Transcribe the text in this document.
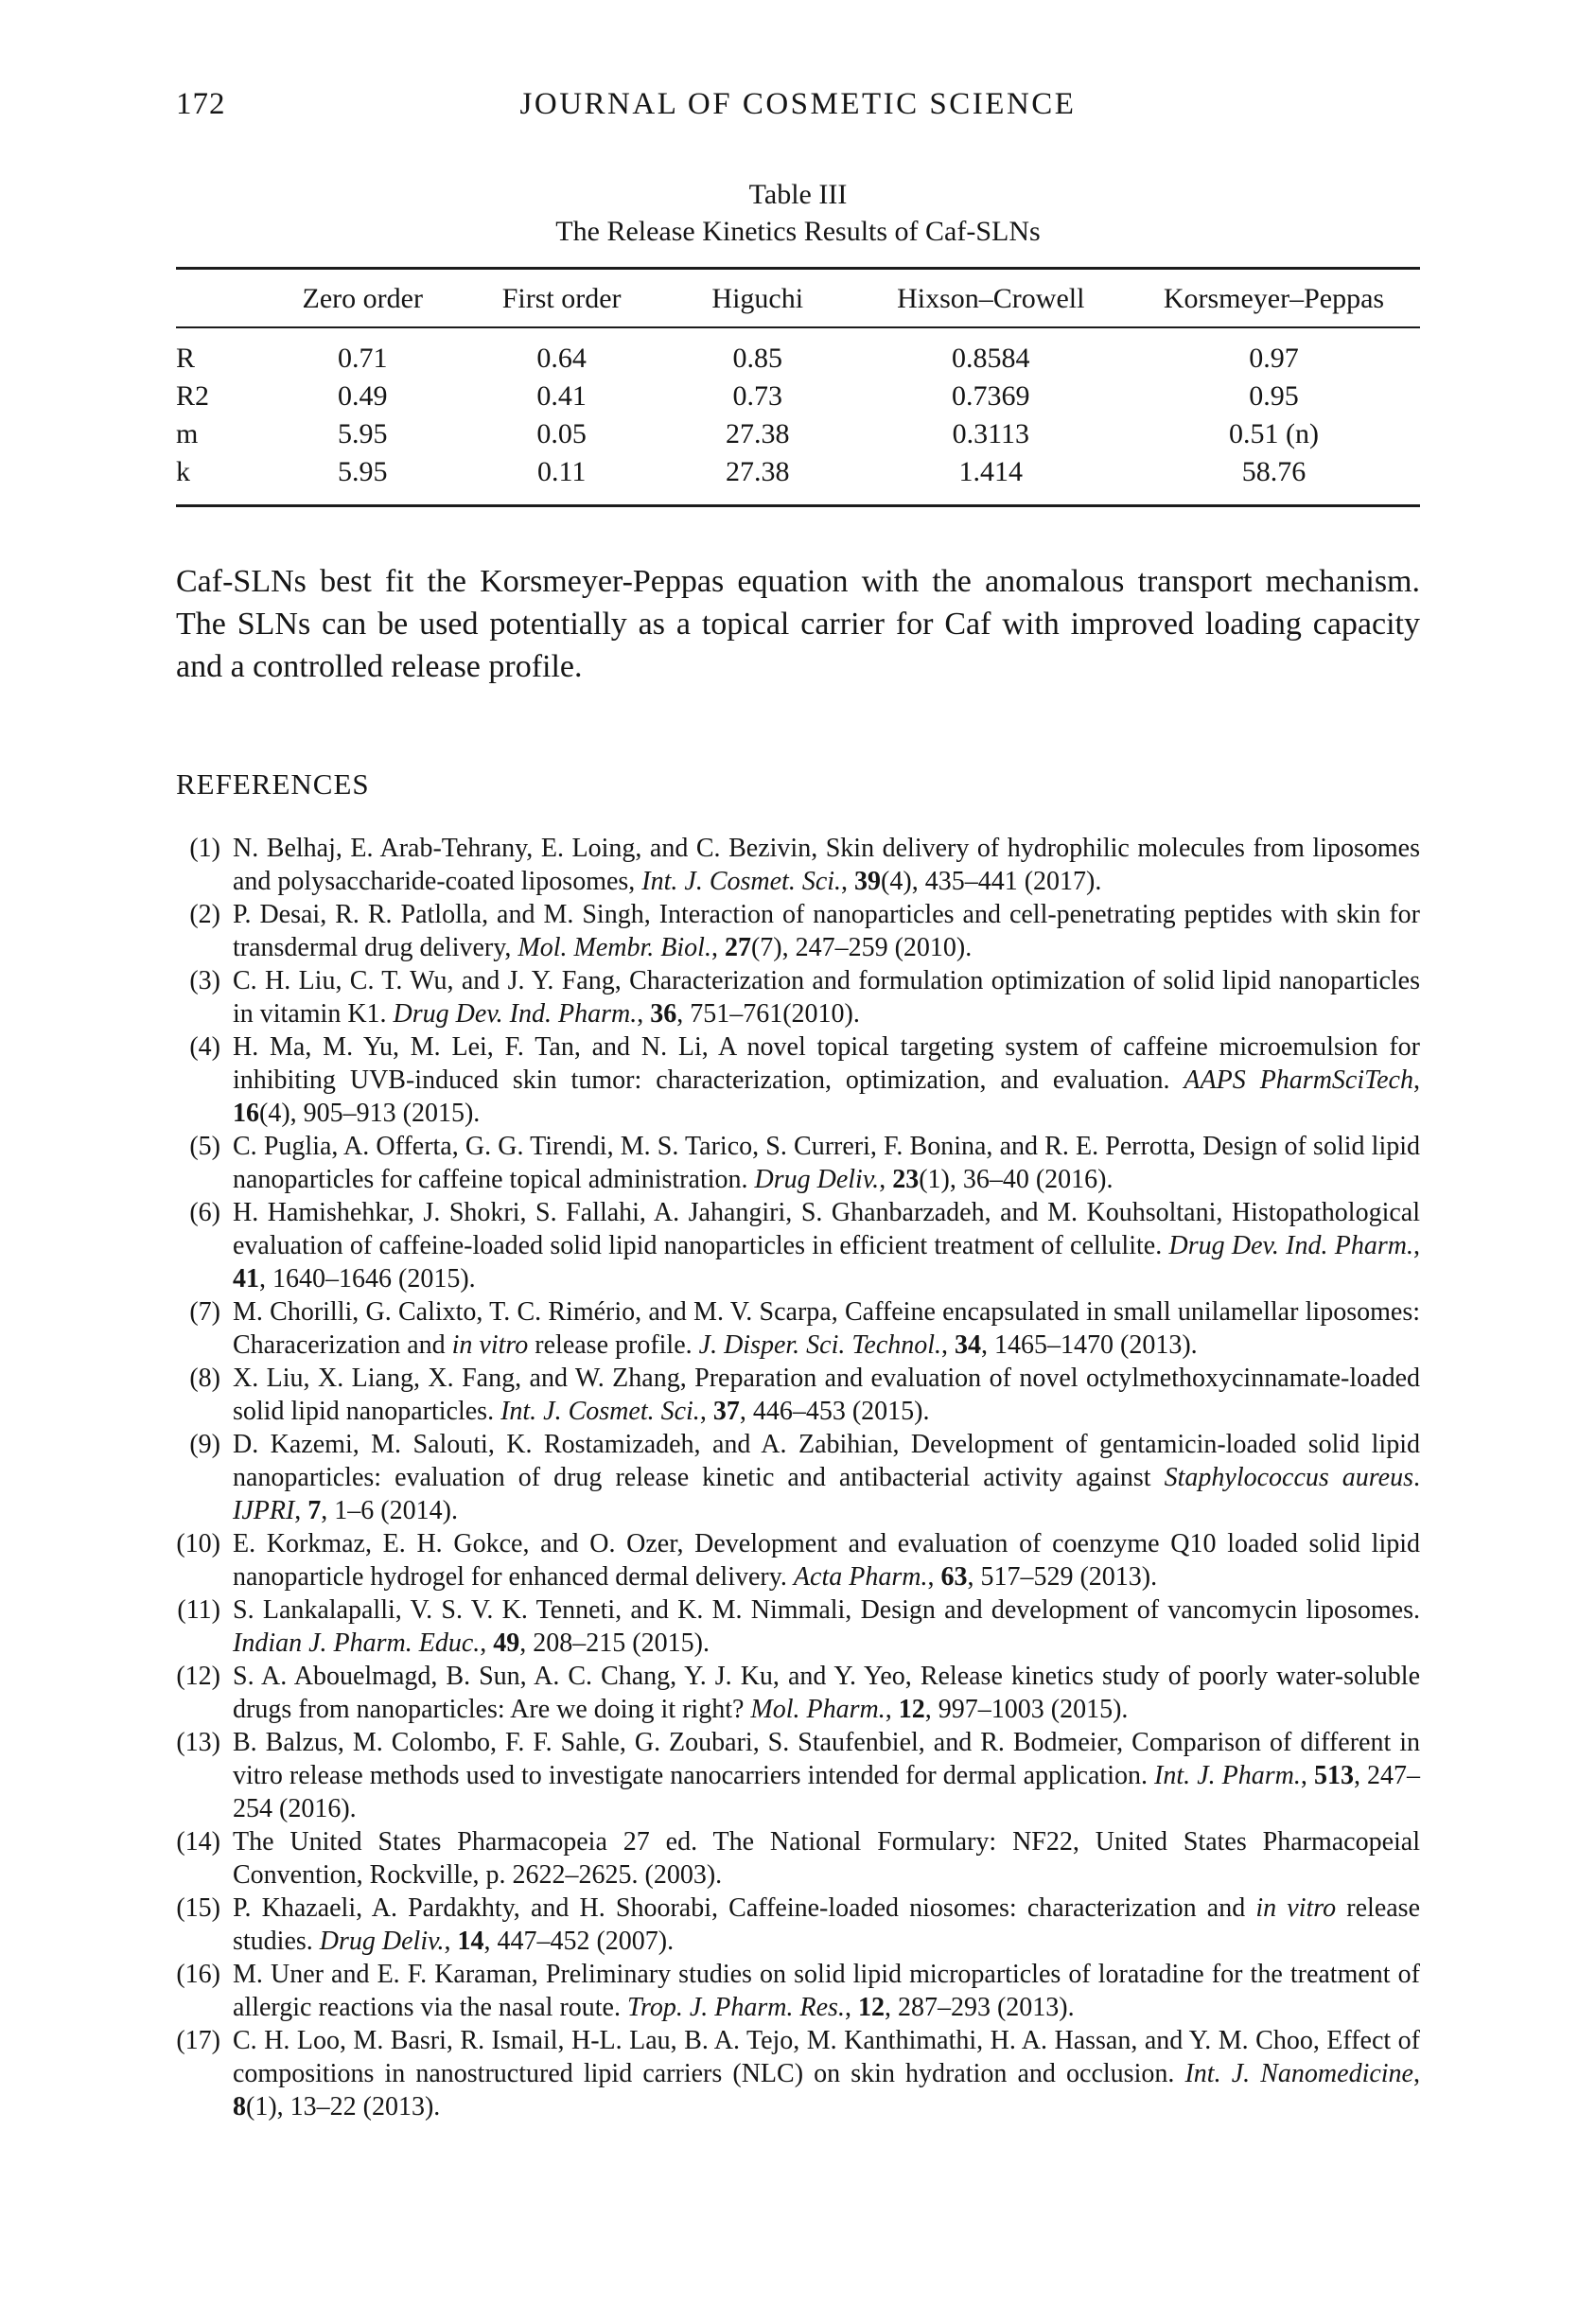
172	JOURNAL OF COSMETIC SCIENCE
Table III
The Release Kinetics Results of Caf-SLNs
	Zero order	First order	Higuchi	Hixson–Crowell	Korsmeyer–Peppas
R	0.71	0.64	0.85	0.8584	0.97
R2	0.49	0.41	0.73	0.7369	0.95
m	5.95	0.05	27.38	0.3113	0.51 (n)
k	5.95	0.11	27.38	1.414	58.76

Caf-SLNs best fit the Korsmeyer-Peppas equation with the anomalous transport mechanism. The SLNs can be used potentially as a topical carrier for Caf with improved loading capacity and a controlled release profile.

REFERENCES
(1) N. Belhaj, E. Arab-Tehrany, E. Loing, and C. Bezivin, Skin delivery of hydrophilic molecules from liposomes and polysaccharide-coated liposomes, Int. J. Cosmet. Sci., 39(4), 435–441 (2017).
(2) P. Desai, R. R. Patlolla, and M. Singh, Interaction of nanoparticles and cell-penetrating peptides with skin for transdermal drug delivery, Mol. Membr. Biol., 27(7), 247–259 (2010).
(3) C. H. Liu, C. T. Wu, and J. Y. Fang, Characterization and formulation optimization of solid lipid nanoparticles in vitamin K1. Drug Dev. Ind. Pharm., 36, 751–761(2010).
(4) H. Ma, M. Yu, M. Lei, F. Tan, and N. Li, A novel topical targeting system of caffeine microemulsion for inhibiting UVB-induced skin tumor: characterization, optimization, and evaluation. AAPS PharmSciTech, 16(4), 905–913 (2015).
(5) C. Puglia, A. Offerta, G. G. Tirendi, M. S. Tarico, S. Curreri, F. Bonina, and R. E. Perrotta, Design of solid lipid nanoparticles for caffeine topical administration. Drug Deliv., 23(1), 36–40 (2016).
(6) H. Hamishehkar, J. Shokri, S. Fallahi, A. Jahangiri, S. Ghanbarzadeh, and M. Kouhsoltani, Histopathological evaluation of caffeine-loaded solid lipid nanoparticles in efficient treatment of cellulite. Drug Dev. Ind. Pharm., 41, 1640–1646 (2015).
(7) M. Chorilli, G. Calixto, T. C. Rimério, and M. V. Scarpa, Caffeine encapsulated in small unilamellar liposomes: Characerization and in vitro release profile. J. Disper. Sci. Technol., 34, 1465–1470 (2013).
(8) X. Liu, X. Liang, X. Fang, and W. Zhang, Preparation and evaluation of novel octylmethoxycinnamate-loaded solid lipid nanoparticles. Int. J. Cosmet. Sci., 37, 446–453 (2015).
(9) D. Kazemi, M. Salouti, K. Rostamizadeh, and A. Zabihian, Development of gentamicin-loaded solid lipid nanoparticles: evaluation of drug release kinetic and antibacterial activity against Staphylococcus aureus. IJPRI, 7, 1–6 (2014).
(10) E. Korkmaz, E. H. Gokce, and O. Ozer, Development and evaluation of coenzyme Q10 loaded solid lipid nanoparticle hydrogel for enhanced dermal delivery. Acta Pharm., 63, 517–529 (2013).
(11) S. Lankalapalli, V. S. V. K. Tenneti, and K. M. Nimmali, Design and development of vancomycin liposomes. Indian J. Pharm. Educ., 49, 208–215 (2015).
(12) S. A. Abouelmagd, B. Sun, A. C. Chang, Y. J. Ku, and Y. Yeo, Release kinetics study of poorly water-soluble drugs from nanoparticles: Are we doing it right? Mol. Pharm., 12, 997–1003 (2015).
(13) B. Balzus, M. Colombo, F. F. Sahle, G. Zoubari, S. Staufenbiel, and R. Bodmeier, Comparison of different in vitro release methods used to investigate nanocarriers intended for dermal application. Int. J. Pharm., 513, 247–254 (2016).
(14) The United States Pharmacopeia 27 ed. The National Formulary: NF22, United States Pharmacopeial Convention, Rockville, p. 2622–2625. (2003).
(15) P. Khazaeli, A. Pardakhty, and H. Shoorabi, Caffeine-loaded niosomes: characterization and in vitro release studies. Drug Deliv., 14, 447–452 (2007).
(16) M. Uner and E. F. Karaman, Preliminary studies on solid lipid microparticles of loratadine for the treatment of allergic reactions via the nasal route. Trop. J. Pharm. Res., 12, 287–293 (2013).
(17) C. H. Loo, M. Basri, R. Ismail, H-L. Lau, B. A. Tejo, M. Kanthimathi, H. A. Hassan, and Y. M. Choo, Effect of compositions in nanostructured lipid carriers (NLC) on skin hydration and occlusion. Int. J. Nanomedicine, 8(1), 13–22 (2013).
